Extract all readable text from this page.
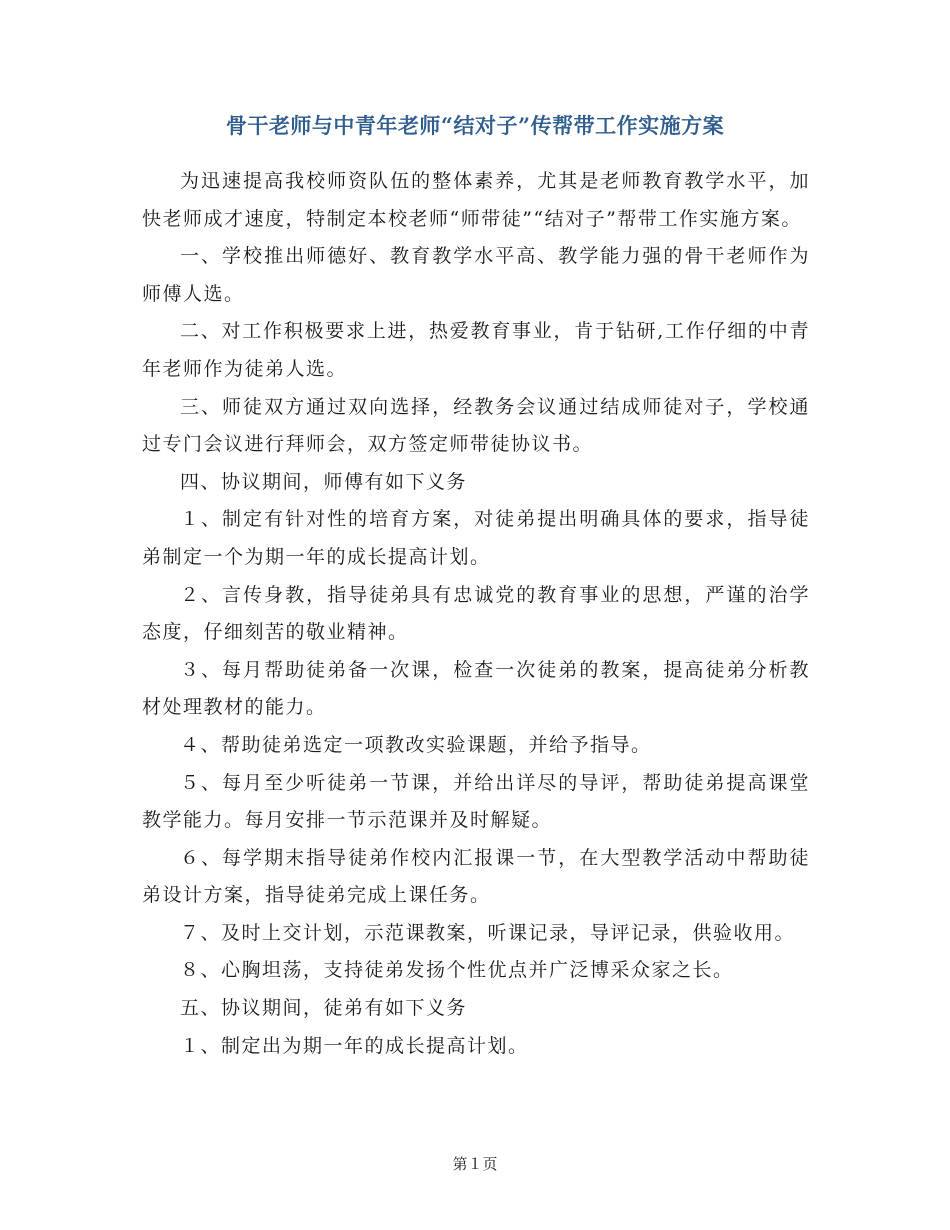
骨干老师与中青年老师“结对子”传帮带工作实施方案

为迅速提高我校师资队伍的整体素养，尤其是老师教育教学水平，加快老师成才速度，特制定本校老师“师带徒”“结对子”帮带工作实施方案。

一、学校推出师德好、教育教学水平高、教学能力强的骨干老师作为师傅人选。

二、对工作积极要求上进，热爱教育事业，肯于钻研,工作仔细的中青年老师作为徒弟人选。

三、师徒双方通过双向选择，经教务会议通过结成师徒对子，学校通过专门会议进行拜师会，双方签定师带徒协议书。

四、协议期间，师傅有如下义务

１、制定有针对性的培育方案，对徒弟提出明确具体的要求，指导徒弟制定一个为期一年的成长提高计划。

２、言传身教，指导徒弟具有忠诚党的教育事业的思想，严谨的治学态度，仔细刻苦的敬业精神。

３、每月帮助徒弟备一次课，检查一次徒弟的教案，提高徒弟分析教材处理教材的能力。

４、帮助徒弟选定一项教改实验课题，并给予指导。

５、每月至少听徒弟一节课，并给出详尽的导评，帮助徒弟提高课堂教学能力。每月安排一节示范课并及时解疑。

６、每学期末指导徒弟作校内汇报课一节，在大型教学活动中帮助徒弟设计方案，指导徒弟完成上课任务。

７、及时上交计划，示范课教案，听课记录，导评记录，供验收用。

８、心胸坦荡，支持徒弟发扬个性优点并广泛博采众家之长。

五、协议期间，徒弟有如下义务

１、制定出为期一年的成长提高计划。

第１页
